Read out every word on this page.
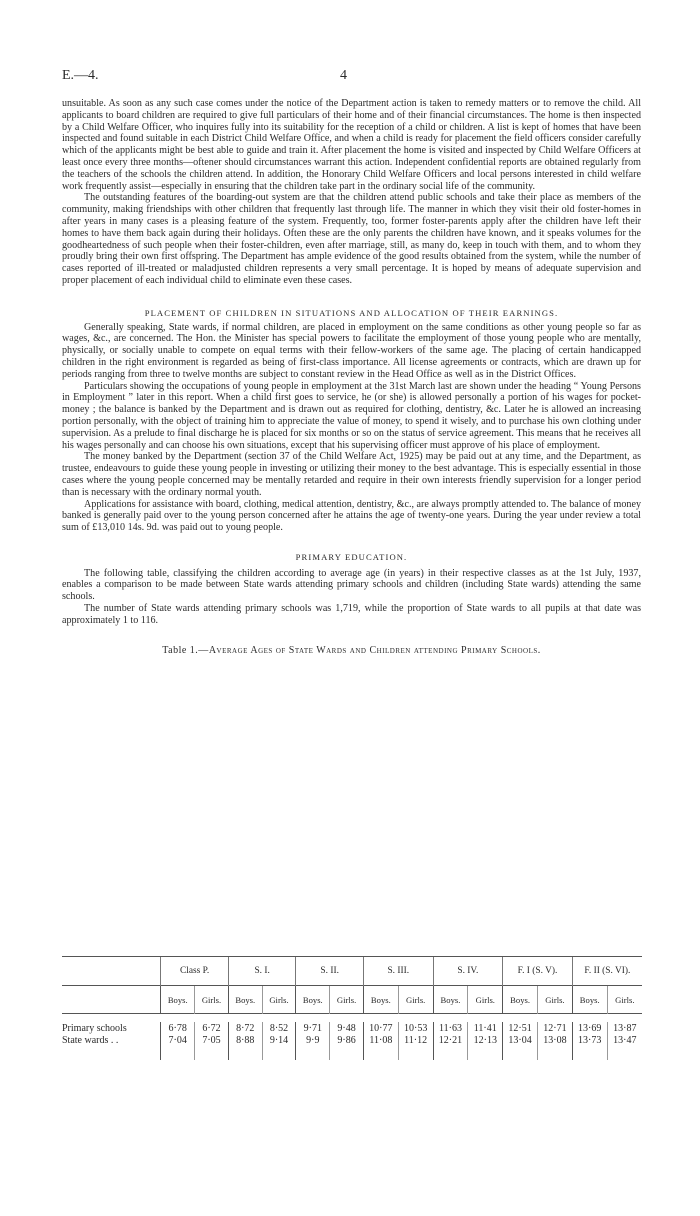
E.—4.	4

unsuitable. As soon as any such case comes under the notice of the Department action is taken to remedy matters or to remove the child. All applicants to board children are required to give full particulars of their home and of their financial circumstances. The home is then inspected by a Child Welfare Officer, who inquires fully into its suitability for the reception of a child or children. A list is kept of homes that have been inspected and found suitable in each District Child Welfare Office, and when a child is ready for placement the field officers consider carefully which of the applicants might be best able to guide and train it. After placement the home is visited and inspected by Child Welfare Officers at least once every three months—oftener should circumstances warrant this action. Independent confidential reports are obtained regularly from the teachers of the schools the children attend. In addition, the Honorary Child Welfare Officers and local persons interested in child welfare work frequently assist—especially in ensuring that the children take part in the ordinary social life of the community.

The outstanding features of the boarding-out system are that the children attend public schools and take their place as members of the community, making friendships with other children that frequently last through life. The manner in which they visit their old foster-homes in after years in many cases is a pleasing feature of the system. Frequently, too, former foster-parents apply after the children have left their homes to have them back again during their holidays. Often these are the only parents the children have known, and it speaks volumes for the goodheartedness of such people when their foster-children, even after marriage, still, as many do, keep in touch with them, and to whom they proudly bring their own first offspring. The Department has ample evidence of the good results obtained from the system, while the number of cases reported of ill-treated or maladjusted children represents a very small percentage. It is hoped by means of adequate supervision and proper placement of each individual child to eliminate even these cases.

PLACEMENT OF CHILDREN IN SITUATIONS AND ALLOCATION OF THEIR EARNINGS.

Generally speaking, State wards, if normal children, are placed in employment on the same conditions as other young people so far as wages, &c., are concerned. The Hon. the Minister has special powers to facilitate the employment of those young people who are mentally, physically, or socially unable to compete on equal terms with their fellow-workers of the same age. The placing of certain handicapped children in the right environment is regarded as being of first-class importance. All license agreements or contracts, which are drawn up for periods ranging from three to twelve months are subject to constant review in the Head Office as well as in the District Offices.

Particulars showing the occupations of young people in employment at the 31st March last are shown under the heading “ Young Persons in Employment ” later in this report. When a child first goes to service, he (or she) is allowed personally a portion of his wages for pocket-money ; the balance is banked by the Department and is drawn out as required for clothing, dentistry, &c. Later he is allowed an increasing portion personally, with the object of training him to appreciate the value of money, to spend it wisely, and to purchase his own clothing under supervision. As a prelude to final discharge he is placed for six months or so on the status of service agreement. This means that he receives all his wages personally and can choose his own situations, except that his supervising officer must approve of his place of employment.

The money banked by the Department (section 37 of the Child Welfare Act, 1925) may be paid out at any time, and the Department, as trustee, endeavours to guide these young people in investing or utilizing their money to the best advantage. This is especially essential in those cases where the young people concerned may be mentally retarded and require in their own interests friendly supervision for a longer period than is necessary with the ordinary normal youth.

Applications for assistance with board, clothing, medical attention, dentistry, &c., are always promptly attended to. The balance of money banked is generally paid over to the young person concerned after he attains the age of twenty-one years. During the year under review a total sum of £13,010 14s. 9d. was paid out to young people.

PRIMARY EDUCATION.

The following table, classifying the children according to average age (in years) in their respective classes as at the 1st July, 1937, enables a comparison to be made between State wards attending primary schools and children (including State wards) attending the same schools.

The number of State wards attending primary schools was 1,719, while the proportion of State wards to all pupils at that date was approximately 1 to 116.

Table 1.—Average Ages of State Wards and Children attending Primary Schools.

	Class P.		S. I.		S. II.		S. III.		S. IV.		F. I (S. V).		F. II (S. VI).	
	Boys.	Girls.	Boys.	Girls.	Boys.	Girls.	Boys.	Girls.	Boys.	Girls.	Boys.	Girls.	Boys.	Girls.

Primary schools	6·78	6·72	8·72	8·52	9·71	9·48	10·77	10·53	11·63	11·41	12·51	12·71	13·69	13·87
State wards . .	7·04	7·05	8·88	9·14	9·9	9·86	11·08	11·12	12·21	12·13	13·04	13·08	13·73	13·47
